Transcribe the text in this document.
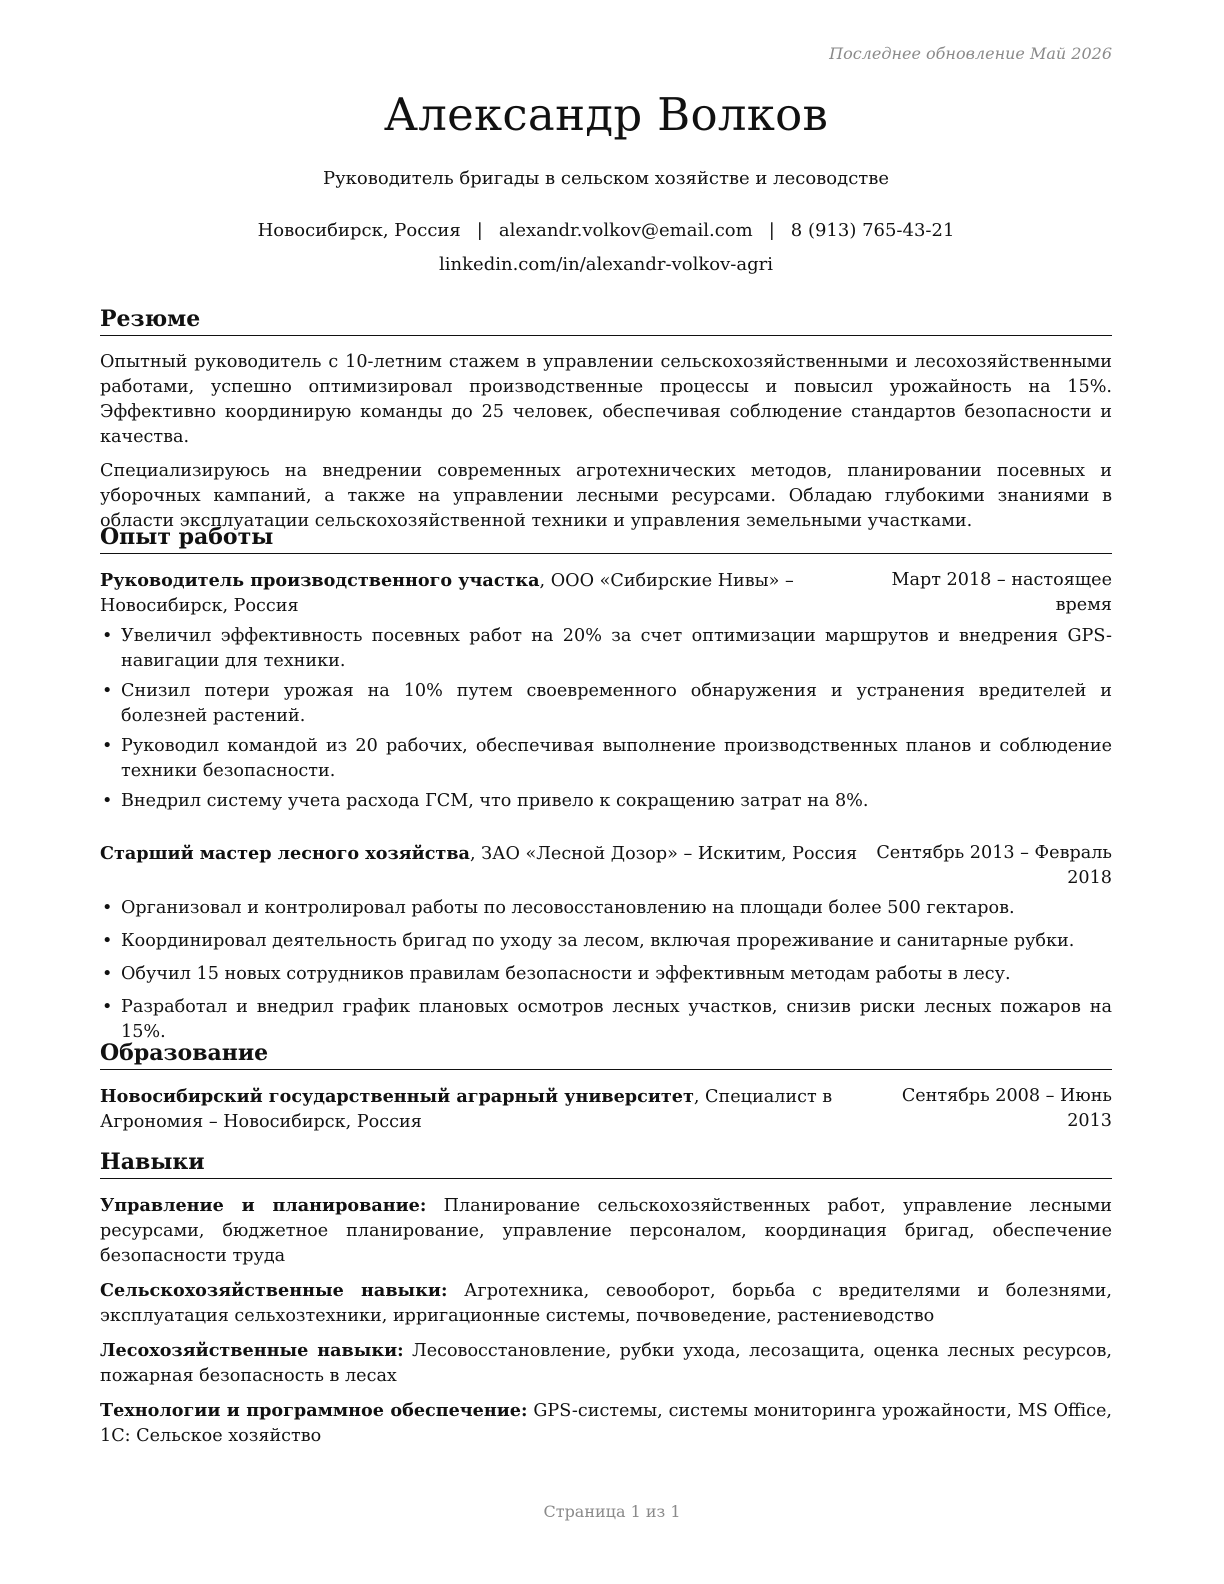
Последнее обновление Май 2026
Александр Волков
Руководитель бригады в сельском хозяйстве и лесоводстве
Новосибирск, Россия | alexandr.volkov@email.com | 8 (913) 765-43-21
linkedin.com/in/alexandr-volkov-agri
Резюме

Опытный руководитель с 10-летним стажем в управлении сельскохозяйственными и лесохозяйственными работами, успешно оптимизировал производственные процессы и повысил урожайность на 15%. Эффективно координирую команды до 25 человек, обеспечивая соблюдение стандартов безопасности и качества.

Специализируюсь на внедрении современных агротехнических методов, планировании посевных и уборочных кампаний, а также на управлении лесными ресурсами. Обладаю глубокими знаниями в области эксплуатации сельскохозяйственной техники и управления земельными участками.

Опыт работы
Руководитель производственного участка, ООО «Сибирские Нивы» – Новосибирск, Россия
Март 2018 – настоящее время
• Увеличил эффективность посевных работ на 20% за счет оптимизации маршрутов и внедрения GPS-навигации для техники.
• Снизил потери урожая на 10% путем своевременного обнаружения и устранения вредителей и болезней растений.
• Руководил командой из 20 рабочих, обеспечивая выполнение производственных планов и соблюдение техники безопасности.
• Внедрил систему учета расхода ГСМ, что привело к сокращению затрат на 8%.
Старший мастер лесного хозяйства, ЗАО «Лесной Дозор» – Искитим, Россия	Сентябрь 2013 – Февраль 2018
• Организовал и контролировал работы по лесовосстановлению на площади более 500 гектаров.
• Координировал деятельность бригад по уходу за лесом, включая прореживание и санитарные рубки.
• Обучил 15 новых сотрудников правилам безопасности и эффективным методам работы в лесу.
• Разработал и внедрил график плановых осмотров лесных участков, снизив риски лесных пожаров на 15%.
Образование
Новосибирский государственный аграрный университет, Специалист в Агрономия – Новосибирск, Россия
Сентябрь 2008 – Июнь 2013
Навыки

Управление и планирование: Планирование сельскохозяйственных работ, управление лесными ресурсами, бюджетное планирование, управление персоналом, координация бригад, обеспечение безопасности труда

Сельскохозяйственные навыки: Агротехника, севооборот, борьба с вредителями и болезнями, эксплуатация сельхозтехники, ирригационные системы, почвоведение, растениеводство

Лесохозяйственные навыки: Лесовосстановление, рубки ухода, лесозащита, оценка лесных ресурсов, пожарная безопасность в лесах

Технологии и программное обеспечение: GPS-системы, системы мониторинга урожайности, MS Office, 1С: Сельское хозяйство

Страница 1 из 1
